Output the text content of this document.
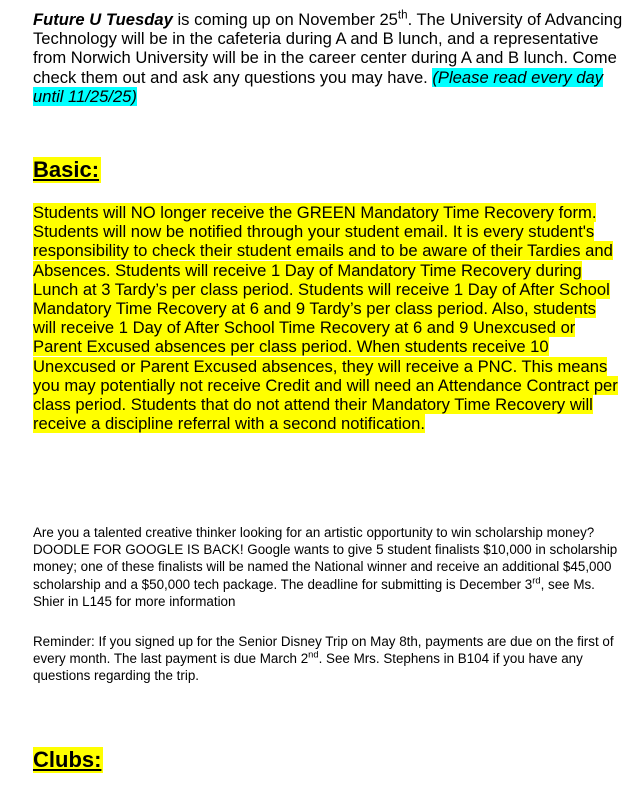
Future U Tuesday is coming up on November 25th. The University of Advancing Technology will be in the cafeteria during A and B lunch, and a representative from Norwich University will be in the career center during A and B lunch. Come check them out and ask any questions you may have. (Please read every day until 11/25/25)

Basic:

Students will NO longer receive the GREEN Mandatory Time Recovery form. Students will now be notified through your student email. It is every student's responsibility to check their student emails and to be aware of their Tardies and Absences. Students will receive 1 Day of Mandatory Time Recovery during Lunch at 3 Tardy’s per class period. Students will receive 1 Day of After School Mandatory Time Recovery at 6 and 9 Tardy’s per class period. Also, students will receive 1 Day of After School Time Recovery at 6 and 9 Unexcused or Parent Excused absences per class period. When students receive 10 Unexcused or Parent Excused absences, they will receive a PNC. This means you may potentially not receive Credit and will need an Attendance Contract per class period. Students that do not attend their Mandatory Time Recovery will receive a discipline referral with a second notification.

Are you a talented creative thinker looking for an artistic opportunity to win scholarship money? DOODLE FOR GOOGLE IS BACK! Google wants to give 5 student finalists $10,000 in scholarship money; one of these finalists will be named the National winner and receive an additional $45,000 scholarship and a $50,000 tech package. The deadline for submitting is December 3rd, see Ms. Shier in L145 for more information

Reminder: If you signed up for the Senior Disney Trip on May 8th, payments are due on the first of every month. The last payment is due March 2nd. See Mrs. Stephens in B104 if you have any questions regarding the trip.

Clubs:
